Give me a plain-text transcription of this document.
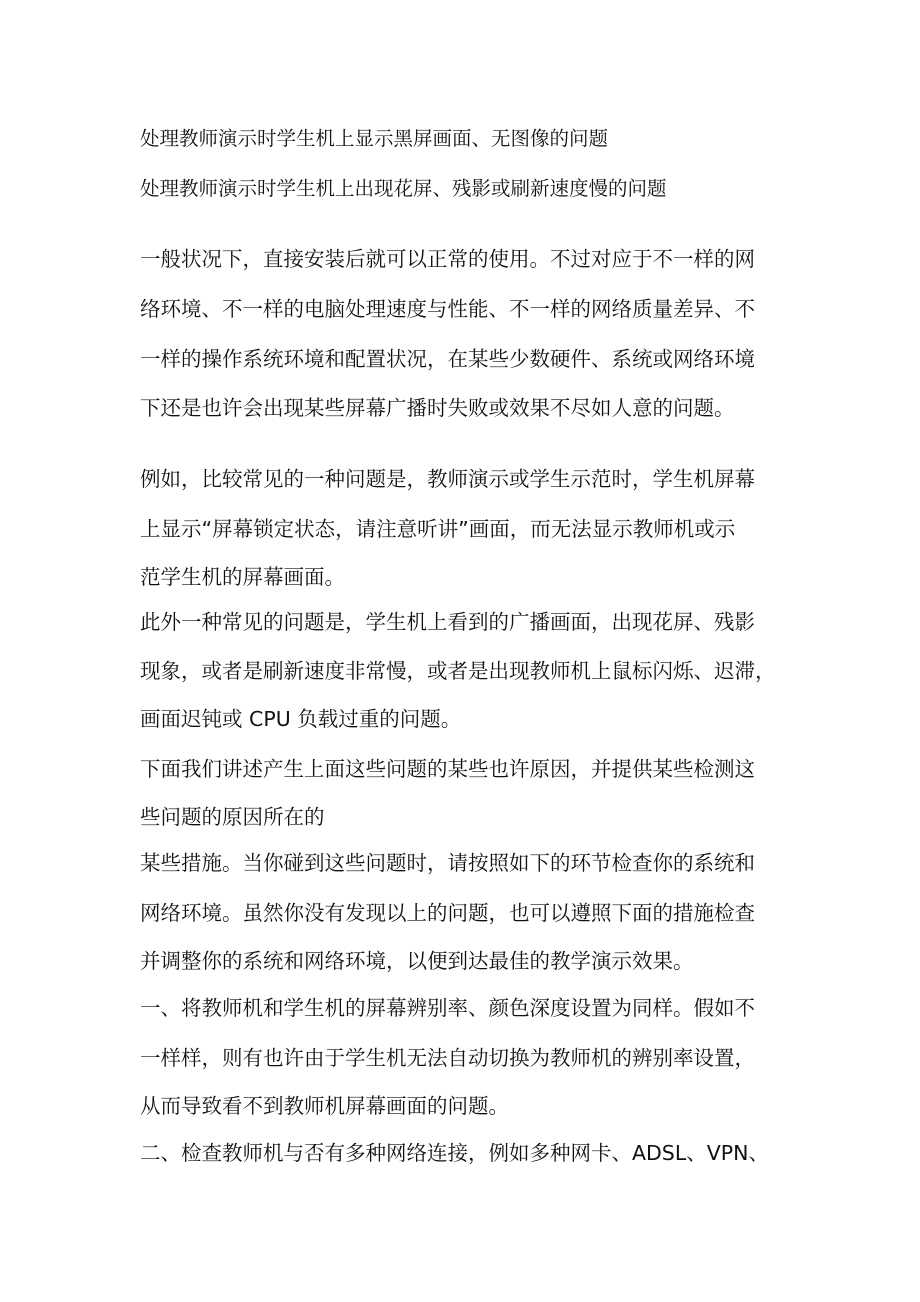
处理教师演示时学生机上显示黑屏画面、无图像的问题
处理教师演示时学生机上出现花屏、残影或刷新速度慢的问题
一般状况下，直接安装后就可以正常的使用。不过对应于不一样的网
络环境、不一样的电脑处理速度与性能、不一样的网络质量差异、不
一样的操作系统环境和配置状况，在某些少数硬件、系统或网络环境
下还是也许会出现某些屏幕广播时失败或效果不尽如人意的问题。
例如，比较常见的一种问题是，教师演示或学生示范时，学生机屏幕
上显示“屏幕锁定状态，请注意听讲”画面，而无法显示教师机或示
范学生机的屏幕画面。
此外一种常见的问题是，学生机上看到的广播画面，出现花屏、残影
现象，或者是刷新速度非常慢，或者是出现教师机上鼠标闪烁、迟滞，
画面迟钝或 CPU 负载过重的问题。
下面我们讲述产生上面这些问题的某些也许原因，并提供某些检测这
些问题的原因所在的
某些措施。当你碰到这些问题时，请按照如下的环节检查你的系统和
网络环境。虽然你没有发现以上的问题，也可以遵照下面的措施检查
并调整你的系统和网络环境，以便到达最佳的教学演示效果。
一、将教师机和学生机的屏幕辨别率、颜色深度设置为同样。假如不
一样样，则有也许由于学生机无法自动切换为教师机的辨别率设置，
从而导致看不到教师机屏幕画面的问题。
二、检查教师机与否有多种网络连接，例如多种网卡、ADSL、VPN、
